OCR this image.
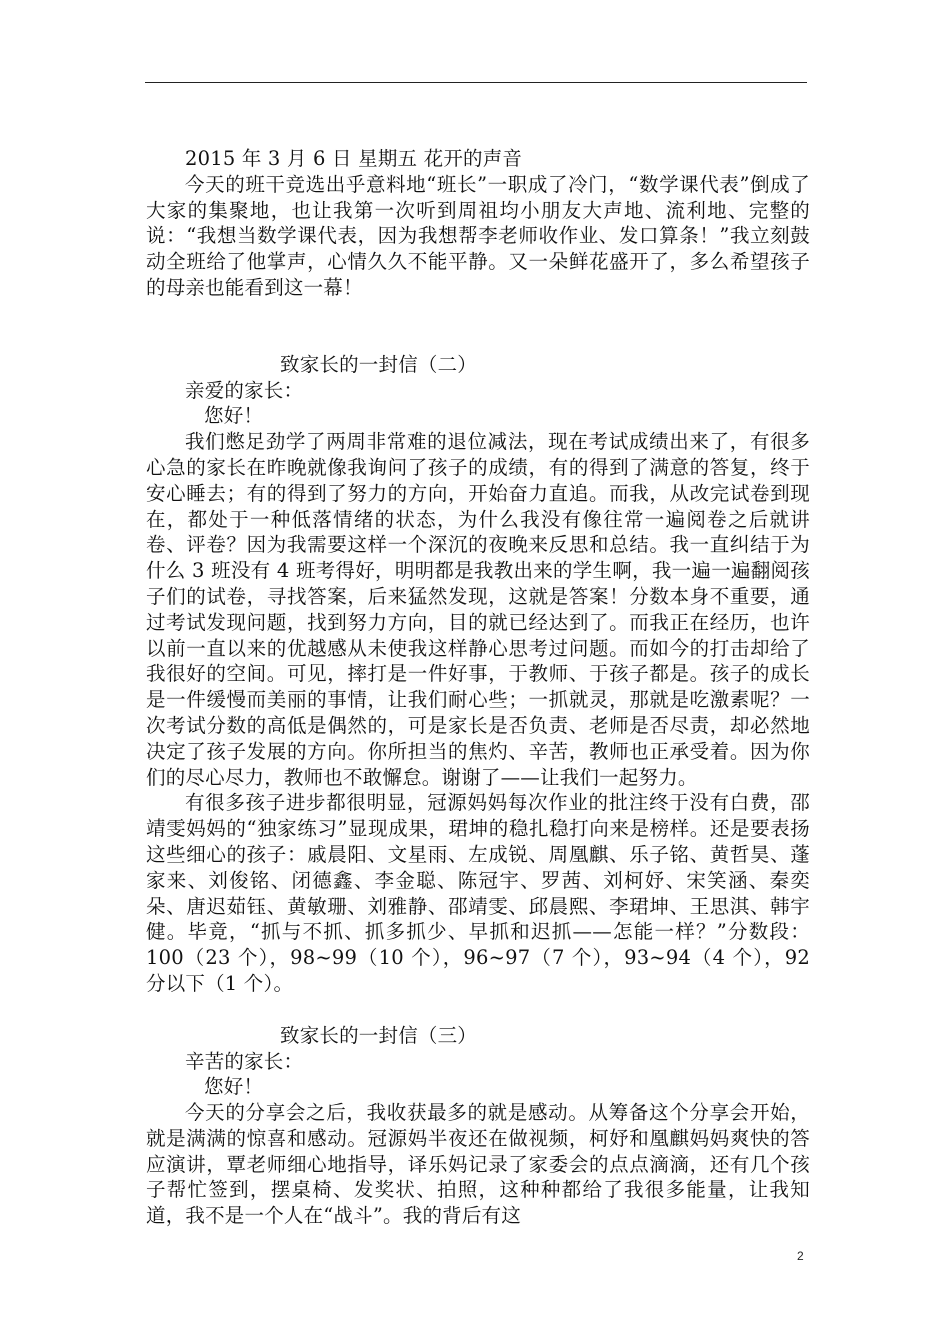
2015 年 3 月 6 日 星期五 花开的声音

今天的班干竞选出乎意料地“班长”一职成了冷门，“数学课代表”倒成了大家的集聚地，也让我第一次听到周祖均小朋友大声地、流利地、完整的说：“我想当数学课代表，因为我想帮李老师收作业、发口算条！”我立刻鼓动全班给了他掌声，心情久久不能平静。又一朵鲜花盛开了，多么希望孩子的母亲也能看到这一幕！

致家长的一封信（二）

亲爱的家长：

您好！

我们憋足劲学了两周非常难的退位减法，现在考试成绩出来了，有很多心急的家长在昨晚就像我询问了孩子的成绩，有的得到了满意的答复，终于安心睡去；有的得到了努力的方向，开始奋力直追。而我，从改完试卷到现在，都处于一种低落情绪的状态，为什么我没有像往常一遍阅卷之后就讲卷、评卷？因为我需要这样一个深沉的夜晚来反思和总结。我一直纠结于为什么 3 班没有 4 班考得好，明明都是我教出来的学生啊，我一遍一遍翻阅孩子们的试卷，寻找答案，后来猛然发现，这就是答案！分数本身不重要，通过考试发现问题，找到努力方向，目的就已经达到了。而我正在经历，也许以前一直以来的优越感从未使我这样静心思考过问题。而如今的打击却给了我很好的空间。可见，摔打是一件好事，于教师、于孩子都是。孩子的成长是一件缓慢而美丽的事情，让我们耐心些；一抓就灵，那就是吃激素呢？一次考试分数的高低是偶然的，可是家长是否负责、老师是否尽责，却必然地决定了孩子发展的方向。你所担当的焦灼、辛苦，教师也正承受着。因为你们的尽心尽力，教师也不敢懈怠。谢谢了——让我们一起努力。

有很多孩子进步都很明显，冠源妈妈每次作业的批注终于没有白费，邵靖雯妈妈的“独家练习”显现成果，珺坤的稳扎稳打向来是榜样。还是要表扬这些细心的孩子：戚晨阳、文星雨、左成锐、周凰麒、乐子铭、黄哲昊、蓬家来、刘俊铭、闭德鑫、李金聪、陈冠宇、罗茜、刘柯妤、宋笑涵、秦奕朵、唐迟茹钰、黄敏珊、刘雅静、邵靖雯、邱晨熙、李珺坤、王思淇、韩宇健。毕竟，“抓与不抓、抓多抓少、早抓和迟抓——怎能一样？”分数段：100（23 个），98~99（10 个），96~97（7 个），93~94（4 个），92 分以下（1 个）。

致家长的一封信（三）

辛苦的家长：

您好！

今天的分享会之后，我收获最多的就是感动。从筹备这个分享会开始，就是满满的惊喜和感动。冠源妈半夜还在做视频，柯妤和凰麒妈妈爽快的答应演讲，覃老师细心地指导，译乐妈记录了家委会的点点滴滴，还有几个孩子帮忙签到，摆桌椅、发奖状、拍照，这种种都给了我很多能量，让我知道，我不是一个人在“战斗”。我的背后有这

2
